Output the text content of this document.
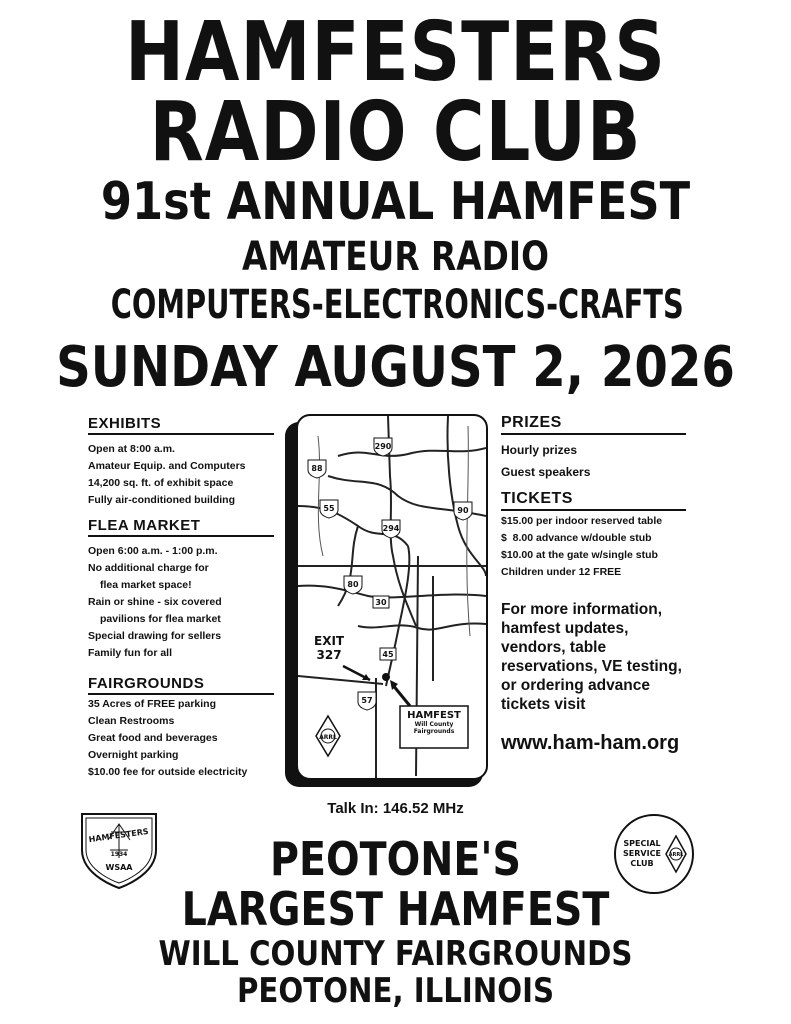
HAMFESTERS
RADIO CLUB
91st ANNUAL HAMFEST
AMATEUR RADIO
COMPUTERS-ELECTRONICS-CRAFTS
SUNDAY AUGUST 2, 2026
EXHIBITS
Open at 8:00 a.m.
Amateur Equip. and Computers
14,200 sq. ft. of exhibit space
Fully air-conditioned building
FLEA MARKET
Open 6:00 a.m. - 1:00 p.m.
No additional charge for
flea market space!
Rain or shine - six covered
pavilions for flea market
Special drawing for sellers
Family fun for all
FAIRGROUNDS
35 Acres of FREE parking
Clean Restrooms
Great food and beverages
Overnight parking
$10.00 fee for outside electricity
290
88
90
55
294
80
30
45
57
ARRL
EXIT
327
HAMFEST
Will County
Fairgrounds
PRIZES
Hourly prizes
Guest speakers
TICKETS
$15.00 per indoor reserved table
$  8.00 advance w/double stub
$10.00 at the gate w/single stub
Children under 12 FREE
For more information,
hamfest updates,
vendors, table
reservations, VE testing,
or ordering advance
tickets visit
www.ham-ham.org
Talk In: 146.52 MHz
HAMFESTERS
1934
WSAA
SPECIAL
SERVICE
CLUB
ARRL
PEOTONE'S
LARGEST HAMFEST
WILL COUNTY FAIRGROUNDS
PEOTONE, ILLINOIS
